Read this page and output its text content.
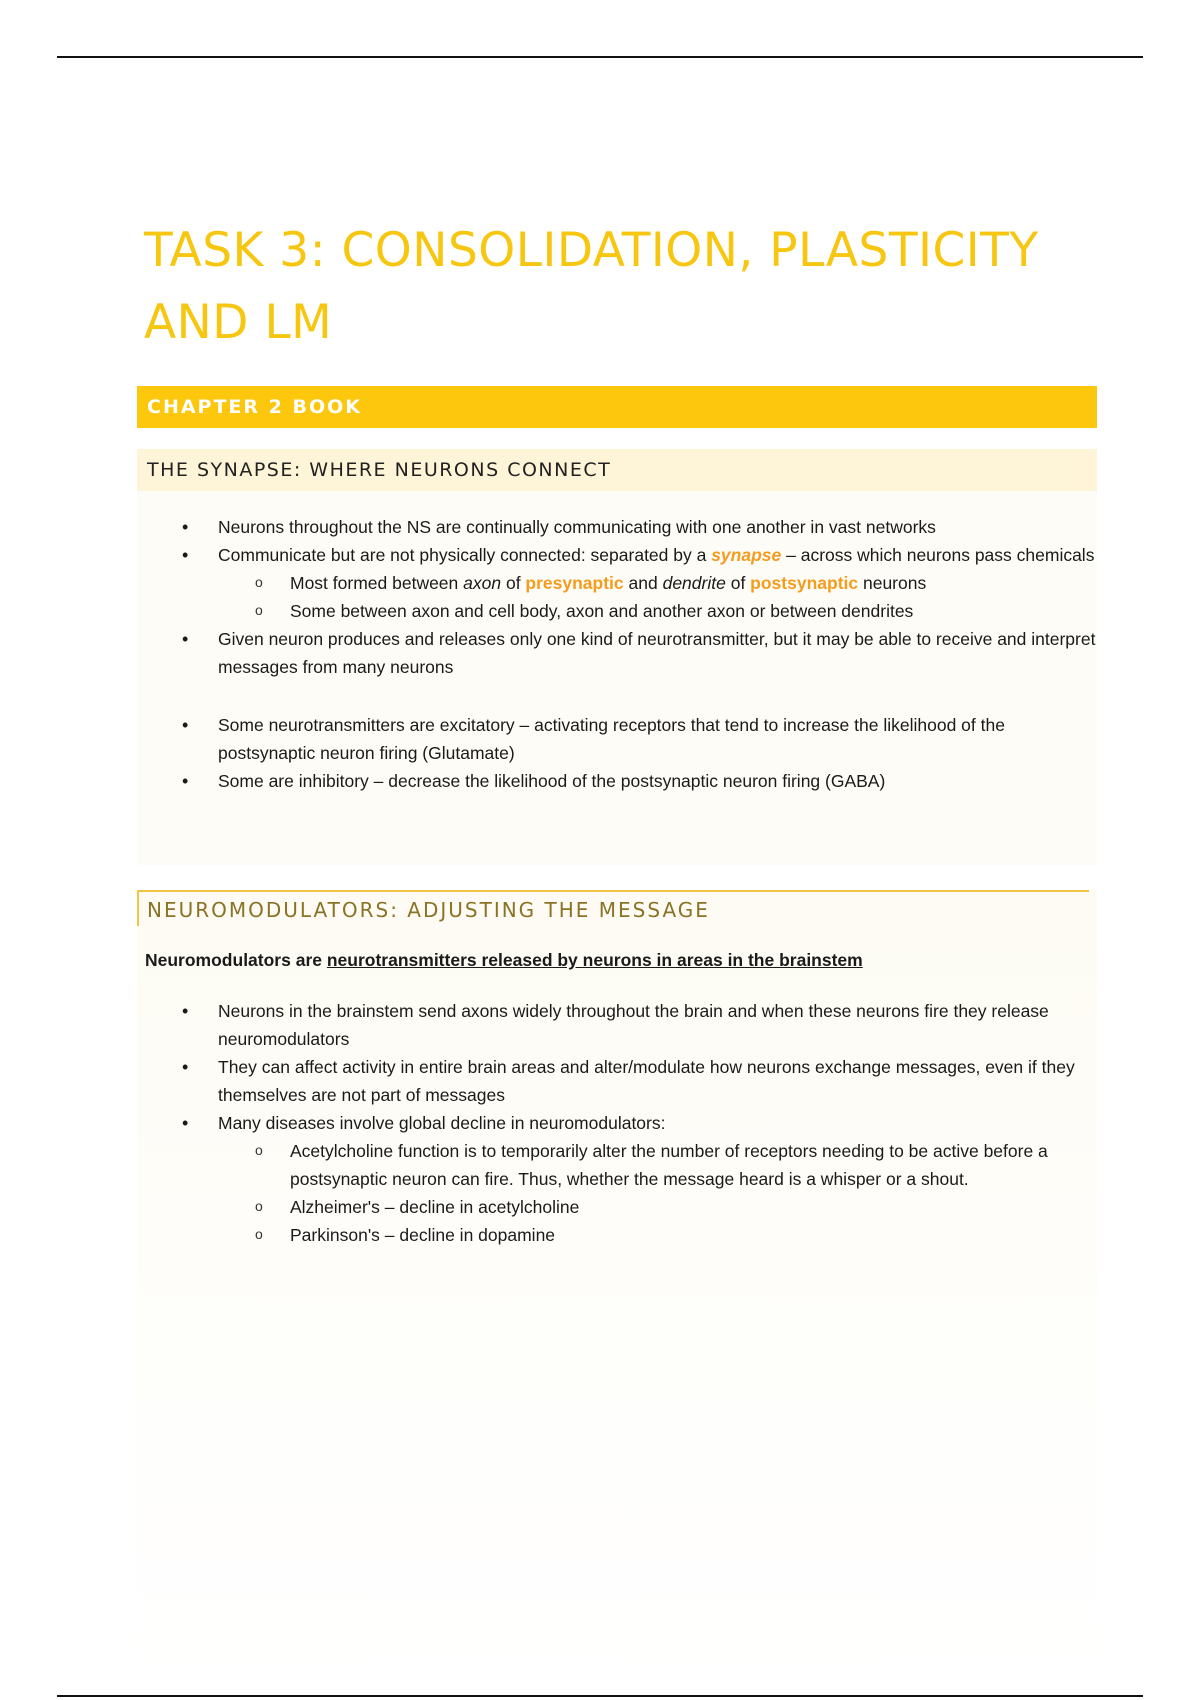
TASK 3: CONSOLIDATION, PLASTICITY AND LM
CHAPTER 2 BOOK
THE SYNAPSE: WHERE NEURONS CONNECT

• Neurons throughout the NS are continually communicating with one another in vast networks

• Communicate but are not physically connected: separated by a synapse – across which neurons pass chemicals

o Most formed between axon of presynaptic and dendrite of postsynaptic neurons

o Some between axon and cell body, axon and another axon or between dendrites

• Given neuron produces and releases only one kind of neurotransmitter, but it may be able to receive and interpret messages from many neurons

• Some neurotransmitters are excitatory – activating receptors that tend to increase the likelihood of the postsynaptic neuron firing (Glutamate)

• Some are inhibitory – decrease the likelihood of the postsynaptic neuron firing (GABA)

NEUROMODULATORS: ADJUSTING THE MESSAGE
Neuromodulators are neurotransmitters released by neurons in areas in the brainstem

• Neurons in the brainstem send axons widely throughout the brain and when these neurons fire they release neuromodulators

• They can affect activity in entire brain areas and alter/modulate how neurons exchange messages, even if they themselves are not part of messages

• Many diseases involve global decline in neuromodulators:

o Acetylcholine function is to temporarily alter the number of receptors needing to be active before a postsynaptic neuron can fire. Thus, whether the message heard is a whisper or a shout.

o Alzheimer's – decline in acetylcholine

o Parkinson's – decline in dopamine
